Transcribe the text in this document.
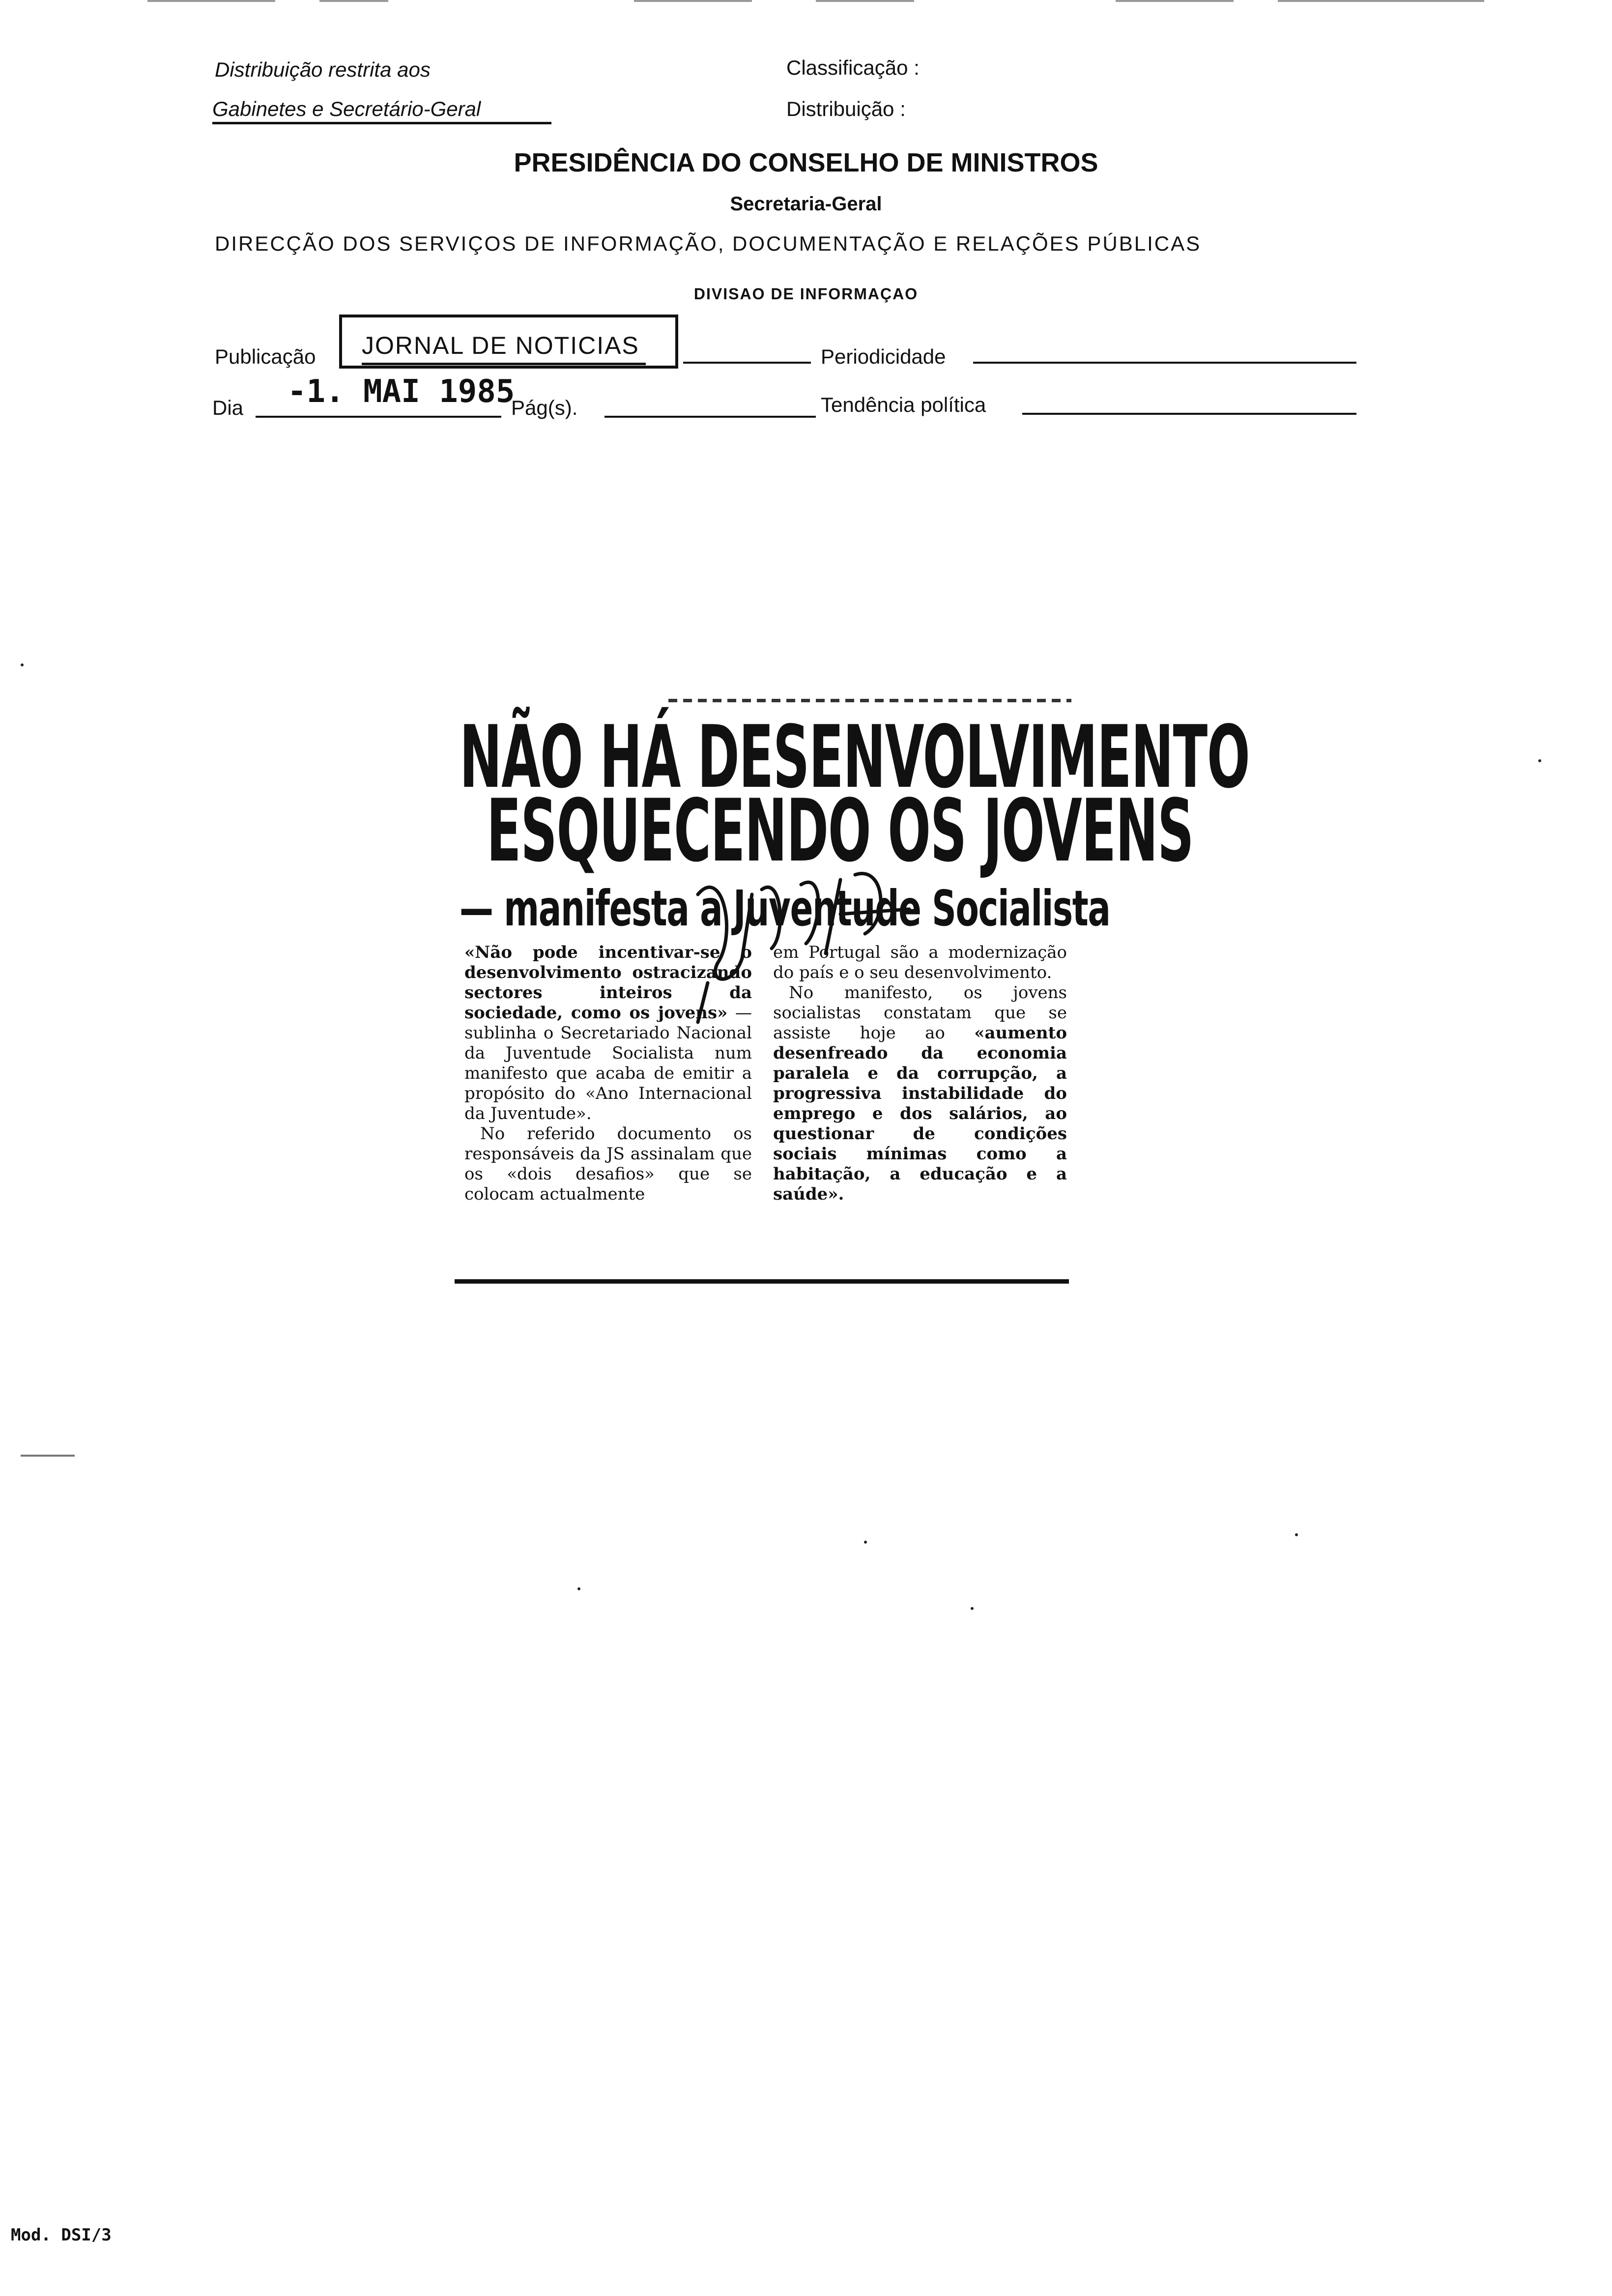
Distribuição restrita aos
Gabinetes e Secretário-Geral
Classificação :
Distribuição :
PRESIDÊNCIA DO CONSELHO DE MINISTROS
Secretaria-Geral
DIRECÇÃO DOS SERVIÇOS DE INFORMAÇÃO, DOCUMENTAÇÃO E RELAÇÕES PÚBLICAS
DIVISAO DE INFORMAÇAO
Publicação JORNAL DE NOTICIAS	Periodicidade
Dia -1. MAI 1985
Pág(s).	Tendência política
NÃO HÁ DESENVOLVIMENTO
ESQUECENDO OS JOVENS
— manifesta a Juventude Socialista

«Não pode incentivar-se o desenvolvimento ostracizando sectores inteiros da sociedade, como os jovens» — sublinha o Secretariado Nacional da Juventude Socialista num manifesto que acaba de emitir a propósito do «Ano Internacional da Juventude».

No referido documento os responsáveis da JS assinalam que os «dois desafios» que se colocam actualmente

em Portugal são a modernização do país e o seu desenvolvimento.

No manifesto, os jovens socialistas constatam que se assiste hoje ao «aumento desenfreado da economia paralela e da corrupção, a progressiva instabilidade do emprego e dos salários, ao questionar de condições sociais mínimas como a habitação, a educação e a saúde».

Mod. DSI/3
